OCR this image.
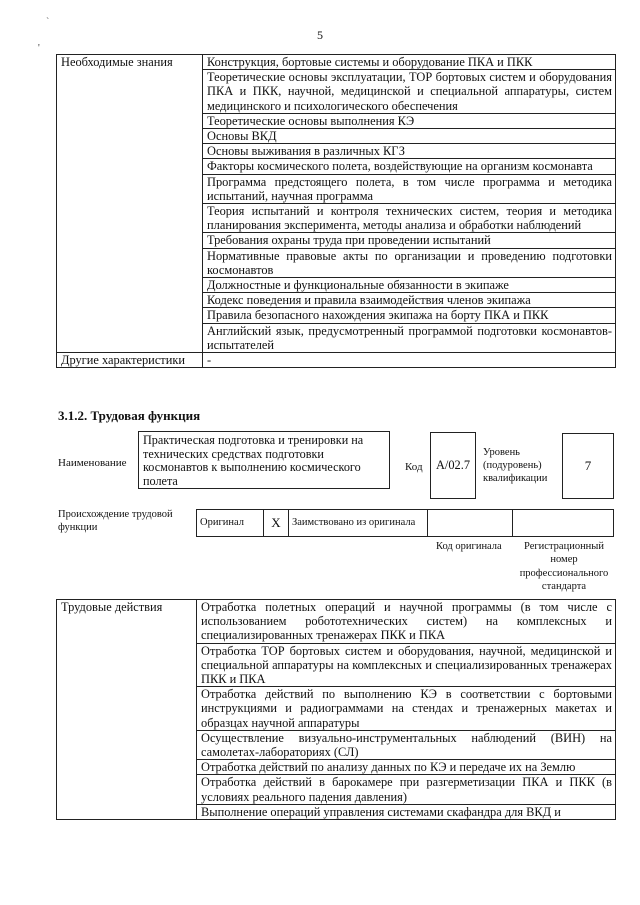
`
'
5
Необходимые знания	Конструкция, бортовые системы и оборудование ПКА и ПКК
	Теоретические основы эксплуатации, ТОР бортовых систем и оборудования ПКА и ПКК, научной, медицинской и специальной аппаратуры, систем медицинского и психологического обеспечения
	Теоретические основы выполнения КЭ
	Основы ВКД
	Основы выживания в различных КГЗ
	Факторы космического полета, воздействующие на организм космонавта
	Программа предстоящего полета, в том числе программа и методика испытаний, научная программа
	Теория испытаний и контроля технических систем, теория и методика планирования эксперимента, методы анализа и обработки наблюдений
	Требования охраны труда при проведении испытаний
	Нормативные правовые акты по организации и проведению подготовки космонавтов
	Должностные и функциональные обязанности в экипаже
	Кодекс поведения и правила взаимодействия членов экипажа
	Правила безопасного нахождения экипажа на борту ПКА и ПКК
	Английский язык, предусмотренный программой подготовки космонавтов-испытателей
Другие характеристики	-
3.1.2. Трудовая функция
Наименование
Практическая подготовка и тренировки на технических средствах подготовки космонавтов к выполнению космического полета
Код	A/02.7
Уровень
(подуровень)
квалификации
7
Происхождение трудовой
функции	Оригинал	X	Заимствовано из оригинала		
Код оригинала	Регистрационный
номер
профессионального
стандарта
Трудовые действия	Отработка полетных операций и научной программы (в том числе с использованием робототехнических систем) на комплексных и специализированных тренажерах ПКК и ПКА
Отработка ТОР бортовых систем и оборудования, научной, медицинской и специальной аппаратуры на комплексных и специализированных тренажерах ПКК и ПКА
Отработка действий по выполнению КЭ в соответствии с бортовыми инструкциями и радиограммами на стендах и тренажерных макетах и образцах научной аппаратуры
Осуществление визуально-инструментальных наблюдений (ВИН) на самолетах-лабораториях (СЛ)
Отработка действий по анализу данных по КЭ и передаче их на Землю
Отработка действий в барокамере при разгерметизации ПКА и ПКК (в условиях реального падения давления)
Выполнение операций управления системами скафандра для ВКД и
